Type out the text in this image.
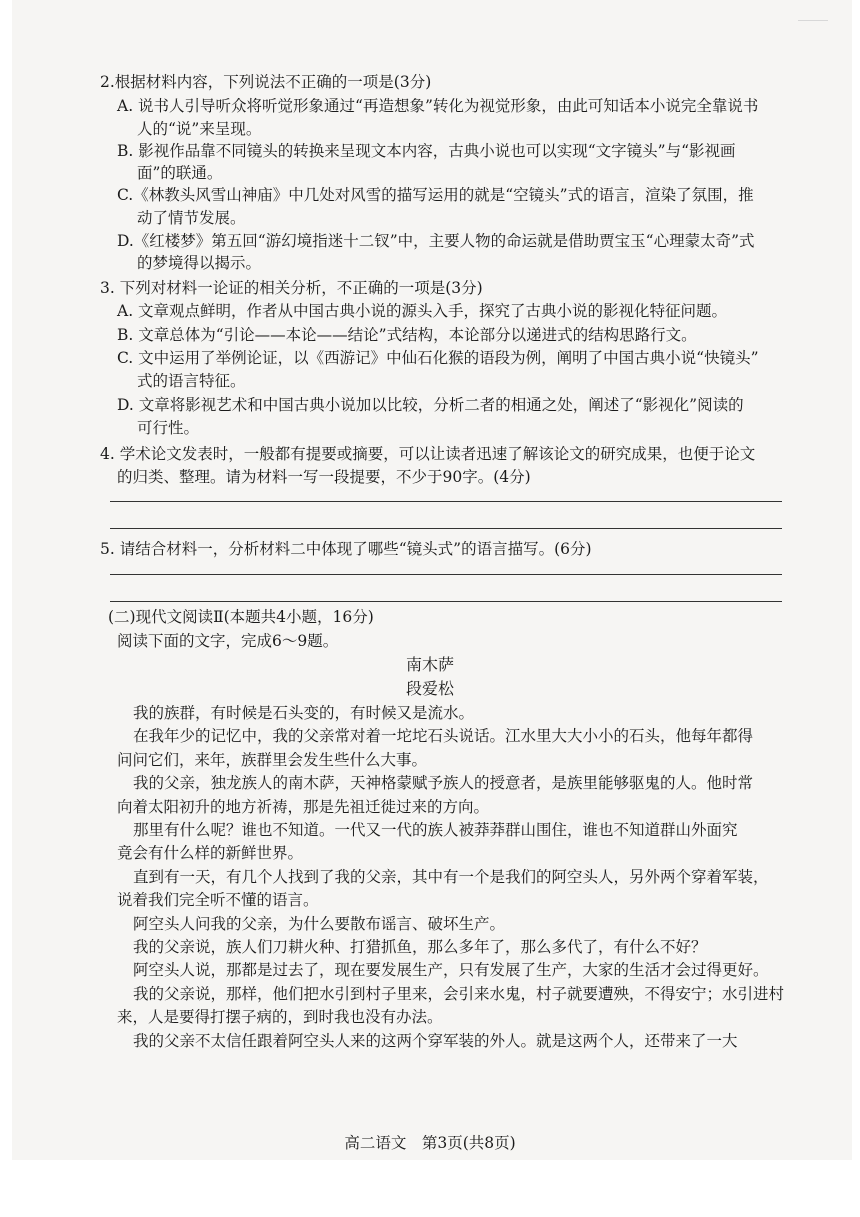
2.根据材料内容，下列说法不正确的一项是(3分)
A. 说书人引导听众将听觉形象通过“再造想象”转化为视觉形象，由此可知话本小说完全靠说书
人的“说”来呈现。
B. 影视作品靠不同镜头的转换来呈现文本内容，古典小说也可以实现“文字镜头”与“影视画
面”的联通。
C.《林教头风雪山神庙》中几处对风雪的描写运用的就是“空镜头”式的语言，渲染了氛围，推
动了情节发展。
D.《红楼梦》第五回“游幻境指迷十二钗”中，主要人物的命运就是借助贾宝玉“心理蒙太奇”式
的梦境得以揭示。
3. 下列对材料一论证的相关分析，不正确的一项是(3分)
A. 文章观点鲜明，作者从中国古典小说的源头入手，探究了古典小说的影视化特征问题。
B. 文章总体为“引论——本论——结论”式结构，本论部分以递进式的结构思路行文。
C. 文中运用了举例论证，以《西游记》中仙石化猴的语段为例，阐明了中国古典小说“快镜头”
式的语言特征。
D. 文章将影视艺术和中国古典小说加以比较，分析二者的相通之处，阐述了“影视化”阅读的
可行性。
4. 学术论文发表时，一般都有提要或摘要，可以让读者迅速了解该论文的研究成果，也便于论文
的归类、整理。请为材料一写一段提要，不少于90字。(4分)
5. 请结合材料一，分析材料二中体现了哪些“镜头式”的语言描写。(6分)
(二)现代文阅读Ⅱ(本题共4小题，16分)
阅读下面的文字，完成6～9题。
南木萨
段爱松
我的族群，有时候是石头变的，有时候又是流水。
在我年少的记忆中，我的父亲常对着一坨坨石头说话。江水里大大小小的石头，他每年都得
问问它们，来年，族群里会发生些什么大事。
我的父亲，独龙族人的南木萨，天神格蒙赋予族人的授意者，是族里能够驱鬼的人。他时常
向着太阳初升的地方祈祷，那是先祖迁徙过来的方向。
那里有什么呢？谁也不知道。一代又一代的族人被莽莽群山围住，谁也不知道群山外面究
竟会有什么样的新鲜世界。
直到有一天，有几个人找到了我的父亲，其中有一个是我们的阿空头人，另外两个穿着军装，
说着我们完全听不懂的语言。
阿空头人问我的父亲，为什么要散布谣言、破坏生产。
我的父亲说，族人们刀耕火种、打猎抓鱼，那么多年了，那么多代了，有什么不好？
阿空头人说，那都是过去了，现在要发展生产，只有发展了生产，大家的生活才会过得更好。
我的父亲说，那样，他们把水引到村子里来，会引来水鬼，村子就要遭殃，不得安宁；水引进村
来，人是要得打摆子病的，到时我也没有办法。
我的父亲不太信任跟着阿空头人来的这两个穿军装的外人。就是这两个人，还带来了一大
高二语文　第3页(共8页)
